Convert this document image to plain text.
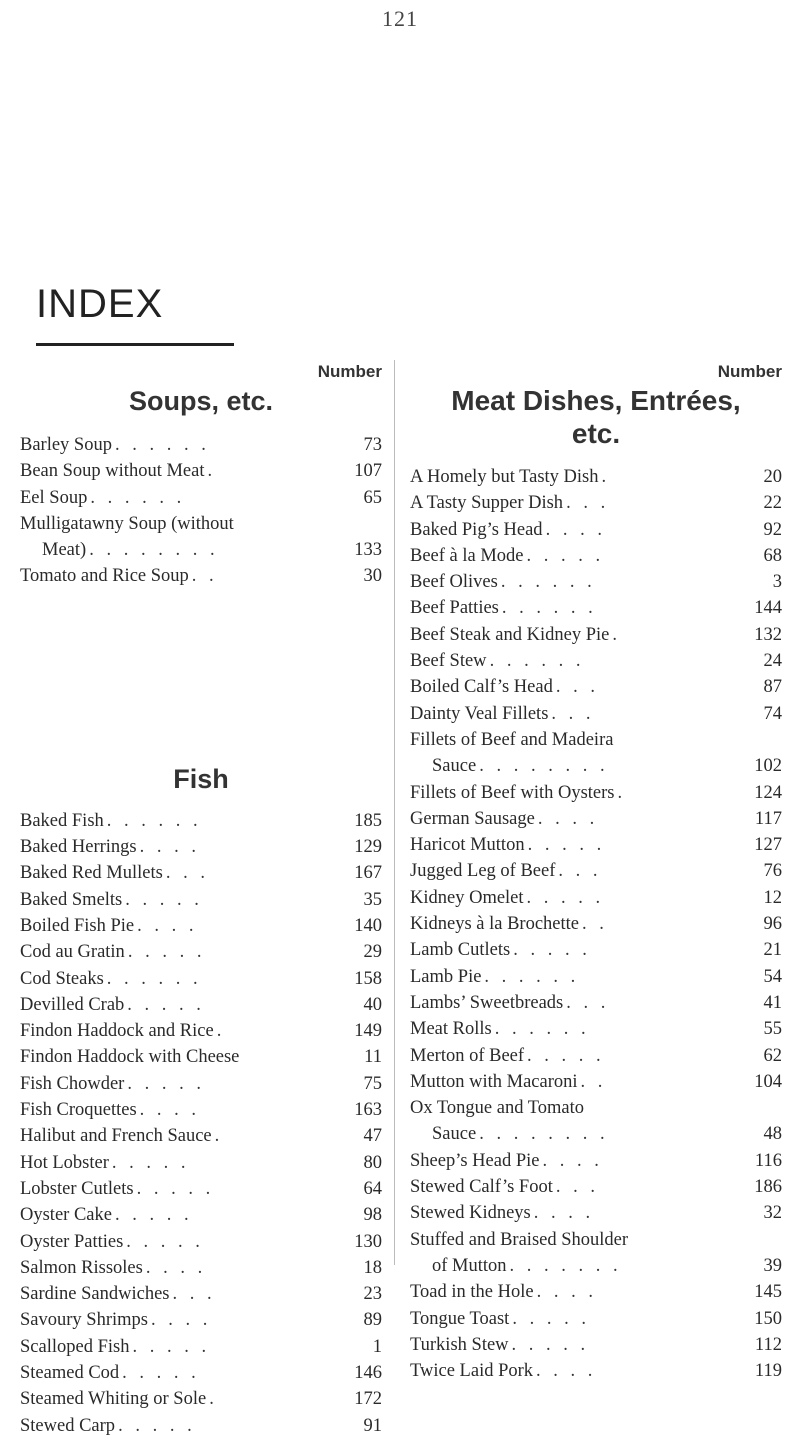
121
INDEX
Number
Soups, etc.
Barley Soup . . . . . .	73
Bean Soup without Meat .	107
Eel Soup . . . . . .	65
Mulligatawny Soup (without
Meat) . . . . . . . .	133
Tomato and Rice Soup . .	30
Fish
Baked Fish . . . . . .	185
Baked Herrings . . . .	129
Baked Red Mullets . . .	167
Baked Smelts . . . . .	35
Boiled Fish Pie . . . .	140
Cod au Gratin . . . . .	29
Cod Steaks . . . . . .	158
Devilled Crab . . . . .	40
Findon Haddock and Rice .	149
Findon Haddock with Cheese	11
Fish Chowder . . . . .	75
Fish Croquettes . . . .	163
Halibut and French Sauce .	47
Hot Lobster . . . . .	80
Lobster Cutlets . . . . .	64
Oyster Cake . . . . .	98
Oyster Patties . . . . .	130
Salmon Rissoles . . . .	18
Sardine Sandwiches . . .	23
Savoury Shrimps . . . .	89
Scalloped Fish . . . . .	1
Steamed Cod . . . . .	146
Steamed Whiting or Sole .	172
Stewed Carp . . . . .	91
Number
Meat Dishes, Entrées,
etc.
A Homely but Tasty Dish .	20
A Tasty Supper Dish . . .	22
Baked Pig’s Head . . . .	92
Beef à la Mode . . . . .	68
Beef Olives . . . . . .	3
Beef Patties . . . . . .	144
Beef Steak and Kidney Pie .	132
Beef Stew . . . . . .	24
Boiled Calf’s Head . . .	87
Dainty Veal Fillets . . .	74
Fillets of Beef and Madeira
Sauce . . . . . . . .	102
Fillets of Beef with Oysters .	124
German Sausage . . . .	117
Haricot Mutton . . . . .	127
Jugged Leg of Beef . . .	76
Kidney Omelet . . . . .	12
Kidneys à la Brochette . .	96
Lamb Cutlets . . . . .	21
Lamb Pie . . . . . .	54
Lambs’ Sweetbreads . . .	41
Meat Rolls . . . . . .	55
Merton of Beef . . . . .	62
Mutton with Macaroni . .	104
Ox Tongue and Tomato
Sauce . . . . . . . .	48
Sheep’s Head Pie . . . .	116
Stewed Calf’s Foot . . .	186
Stewed Kidneys . . . .	32
Stuffed and Braised Shoulder
of Mutton . . . . . . .	39
Toad in the Hole . . . .	145
Tongue Toast . . . . .	150
Turkish Stew . . . . .	112
Twice Laid Pork . . . .	119
